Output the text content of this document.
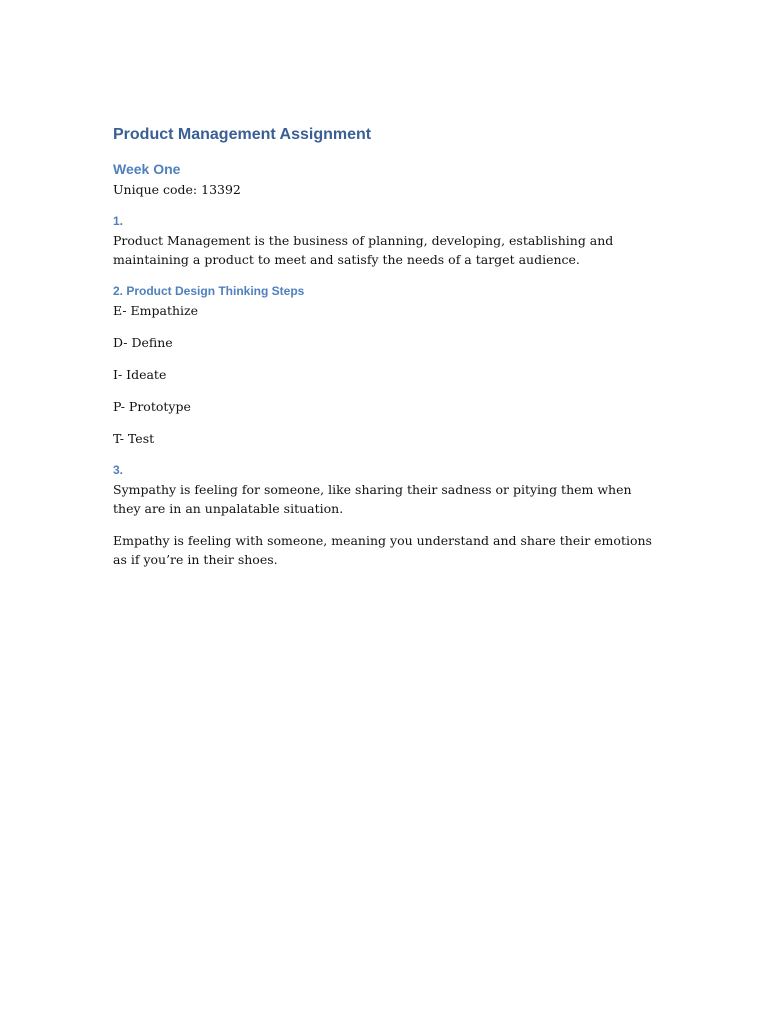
Product Management Assignment
Week One

Unique code: 13392

1.

Product Management is the business of planning, developing, establishing and maintaining a product to meet and satisfy the needs of a target audience.

2. Product Design Thinking Steps

E- Empathize

D- Define

I- Ideate

P- Prototype

T- Test

3.

Sympathy is feeling for someone, like sharing their sadness or pitying them when they are in an unpalatable situation.

Empathy is feeling with someone, meaning you understand and share their emotions as if you’re in their shoes.
